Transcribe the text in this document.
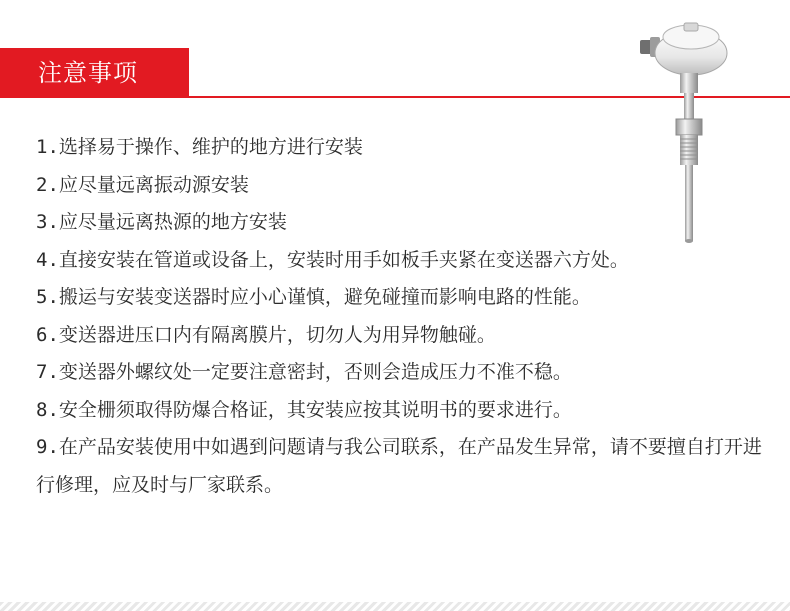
注意事项
1.选择易于操作、维护的地方进行安装
2.应尽量远离振动源安装
3.应尽量远离热源的地方安装
4.直接安装在管道或设备上，安装时用手如板手夹紧在变送器六方处。
5.搬运与安装变送器时应小心谨慎，避免碰撞而影响电路的性能。
6.变送器进压口内有隔离膜片，切勿人为用异物触碰。
7.变送器外螺纹处一定要注意密封，否则会造成压力不准不稳。
8.安全栅须取得防爆合格证，其安装应按其说明书的要求进行。
9.在产品安装使用中如遇到问题请与我公司联系，在产品发生异常，请不要擅自打开进行修理，应及时与厂家联系。
